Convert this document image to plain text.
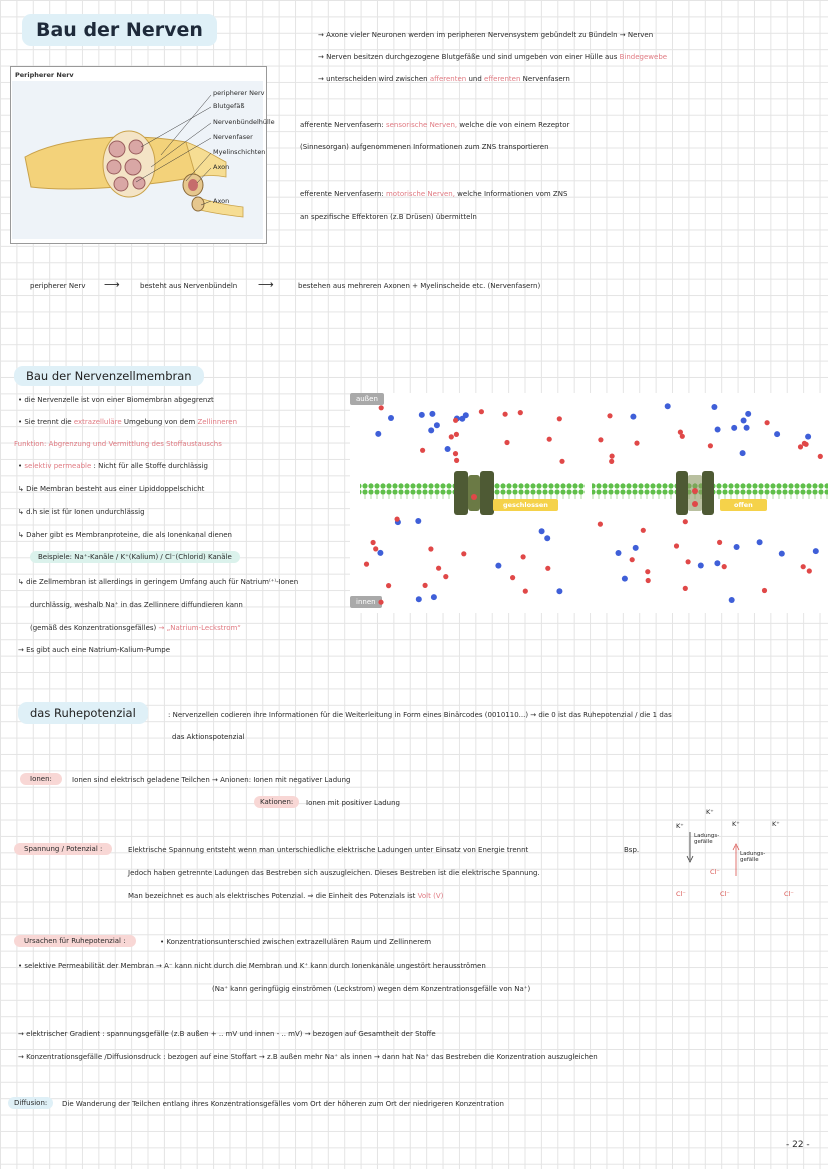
Bau der Nerven	→ Axone vieler Neuronen werden im peripheren Nervensystem gebündelt zu Bündeln → Nerven
→ Nerven besitzen durchgezogene Blutgefäße und sind umgeben von einer Hülle aus Bindegewebe
→ unterscheiden wird zwischen afferenten und efferenten Nervenfasern
Peripherer Nerv
peripherer Nerv
Blutgefäß
Nervenbündelhülle
Nervenfaser
Myelinschichten
Axon
Axon
afferente Nervenfasern: sensorische Nerven, welche die von einem Rezeptor
(Sinnesorgan) aufgenommenen Informationen zum ZNS transportieren
efferente Nervenfasern: motorische Nerven, welche Informationen vom ZNS
an spezifische Effektoren (z.B Drüsen) übermitteln
peripherer Nerv ⟶	besteht aus Nervenbündeln ⟶	bestehen aus mehreren Axonen + Myelinscheide etc. (Nervenfasern)
Bau der Nervenzellmembran
• die Nervenzelle ist von einer Biomembran abgegrenzt
• Sie trennt die extrazelluläre Umgebung von dem Zellinneren
Funktion: Abgrenzung und Vermittlung des Stoffaustauschs
• selektiv permeable : Nicht für alle Stoffe durchlässig
↳ Die Membran besteht aus einer Lipiddoppelschicht
↳ d.h sie ist für Ionen undurchlässig
↳ Daher gibt es Membranproteine, die als Ionenkanal dienen
Beispiele: Na⁺-Kanäle / K⁺(Kalium) / Cl⁻(Chlorid) Kanäle
↳ die Zellmembran ist allerdings in geringem Umfang auch für Natrium⁽⁺⁾-Ionen
durchlässig, weshalb Na⁺ in das Zellinnere diffundieren kann
(gemäß des Konzentrationsgefälles) → „Natrium-Leckstrom“
→ Es gibt auch eine Natrium-Kalium-Pumpe
außen
innen
geschlossen	offen
das Ruhepotenzial	: Nervenzellen codieren ihre Informationen für die Weiterleitung in Form eines Binärcodes (0010110...) → die 0 ist das Ruhepotenzial / die 1 das
das Aktionspotenzial
Ionen:	Ionen sind elektrisch geladene Teilchen → Anionen: Ionen mit negativer Ladung
Kationen:	Ionen mit positiver Ladung
Spannung / Potenzial :	Elektrische Spannung entsteht wenn man unterschiedliche elektrische Ladungen unter Einsatz von Energie trennt	Bsp.
Jedoch haben getrennte Ladungen das Bestreben sich auszugleichen. Dieses Bestreben ist die elektrische Spannung.
Man bezeichnet es auch als elektrisches Potenzial. ⇒ die Einheit des Potenzials ist Volt (V)
K⁺
K⁺
K⁺	K⁺
Ladungs-gefälle
Ladungs-gefälle
Cl⁻
Cl⁻	Cl⁻	Cl⁻
Ursachen für Ruhepotenzial :	• Konzentrationsunterschied zwischen extrazellulären Raum und Zellinnerem
• selektive Permeabilität der Membran → A⁻ kann nicht durch die Membran und K⁺ kann durch Ionenkanäle ungestört herausströmen
(Na⁺ kann geringfügig einströmen (Leckstrom) wegen dem Konzentrationsgefälle von Na⁺)
→ elektrischer Gradient : spannungsgefälle (z.B außen + .. mV und innen - .. mV) → bezogen auf Gesamtheit der Stoffe
→ Konzentrationsgefälle /Diffusionsdruck : bezogen auf eine Stoffart → z.B außen mehr Na⁺ als innen → dann hat Na⁺ das Bestreben die Konzentration auszugleichen
Diffusion:	Die Wanderung der Teilchen entlang ihres Konzentrationsgefälles vom Ort der höheren zum Ort der niedrigeren Konzentration
- 22 -
